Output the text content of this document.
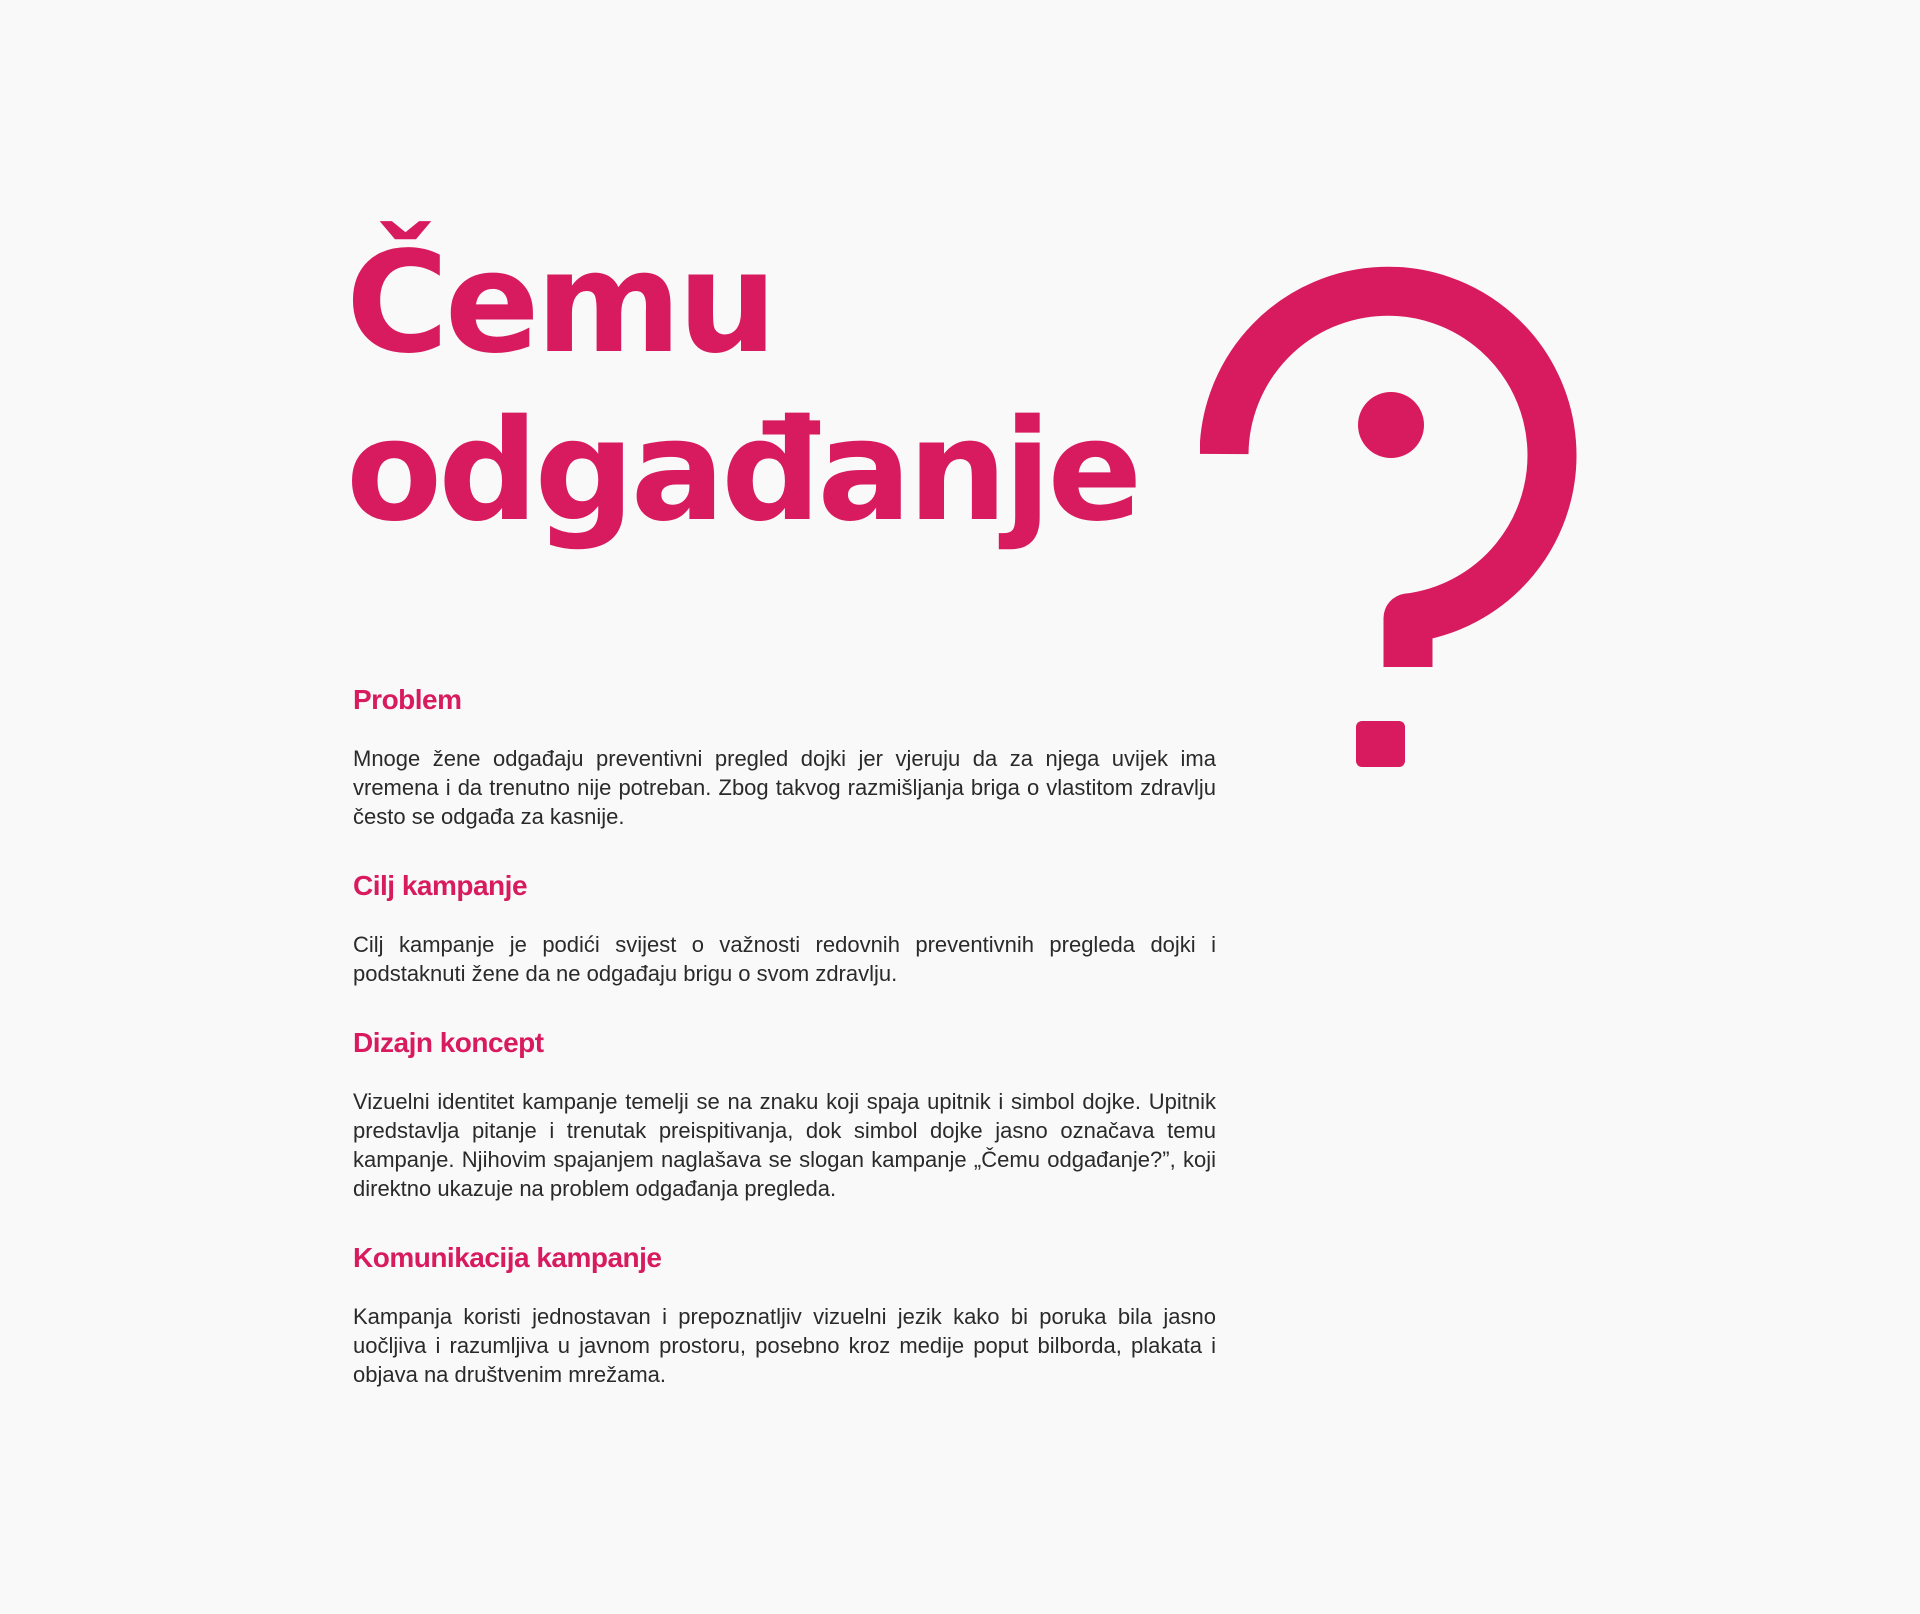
Čemu
odgađanje
Problem

Mnoge žene odgađaju preventivni pregled dojki jer vjeruju da za njega uvijek ima vremena i da trenutno nije potreban. Zbog takvog razmišljanja briga o vlastitom zdravlju često se odgađa za kasnije.

Cilj kampanje

Cilj kampanje je podići svijest o važnosti redovnih preventivnih pregleda dojki i podstaknuti žene da ne odgađaju brigu o svom zdravlju.

Dizajn koncept

Vizuelni identitet kampanje temelji se na znaku koji spaja upitnik i simbol dojke. Upitnik predstavlja pitanje i trenutak preispitivanja, dok simbol dojke jasno označava temu kampanje. Njihovim spajanjem naglašava se slogan kampanje „Čemu odgađanje?”, koji direktno ukazuje na problem odgađanja pregleda.

Komunikacija kampanje

Kampanja koristi jednostavan i prepoznatljiv vizuelni jezik kako bi poruka bila jasno uočljiva i razumljiva u javnom prostoru, posebno kroz medije poput bilborda, plakata i objava na društvenim mrežama.
